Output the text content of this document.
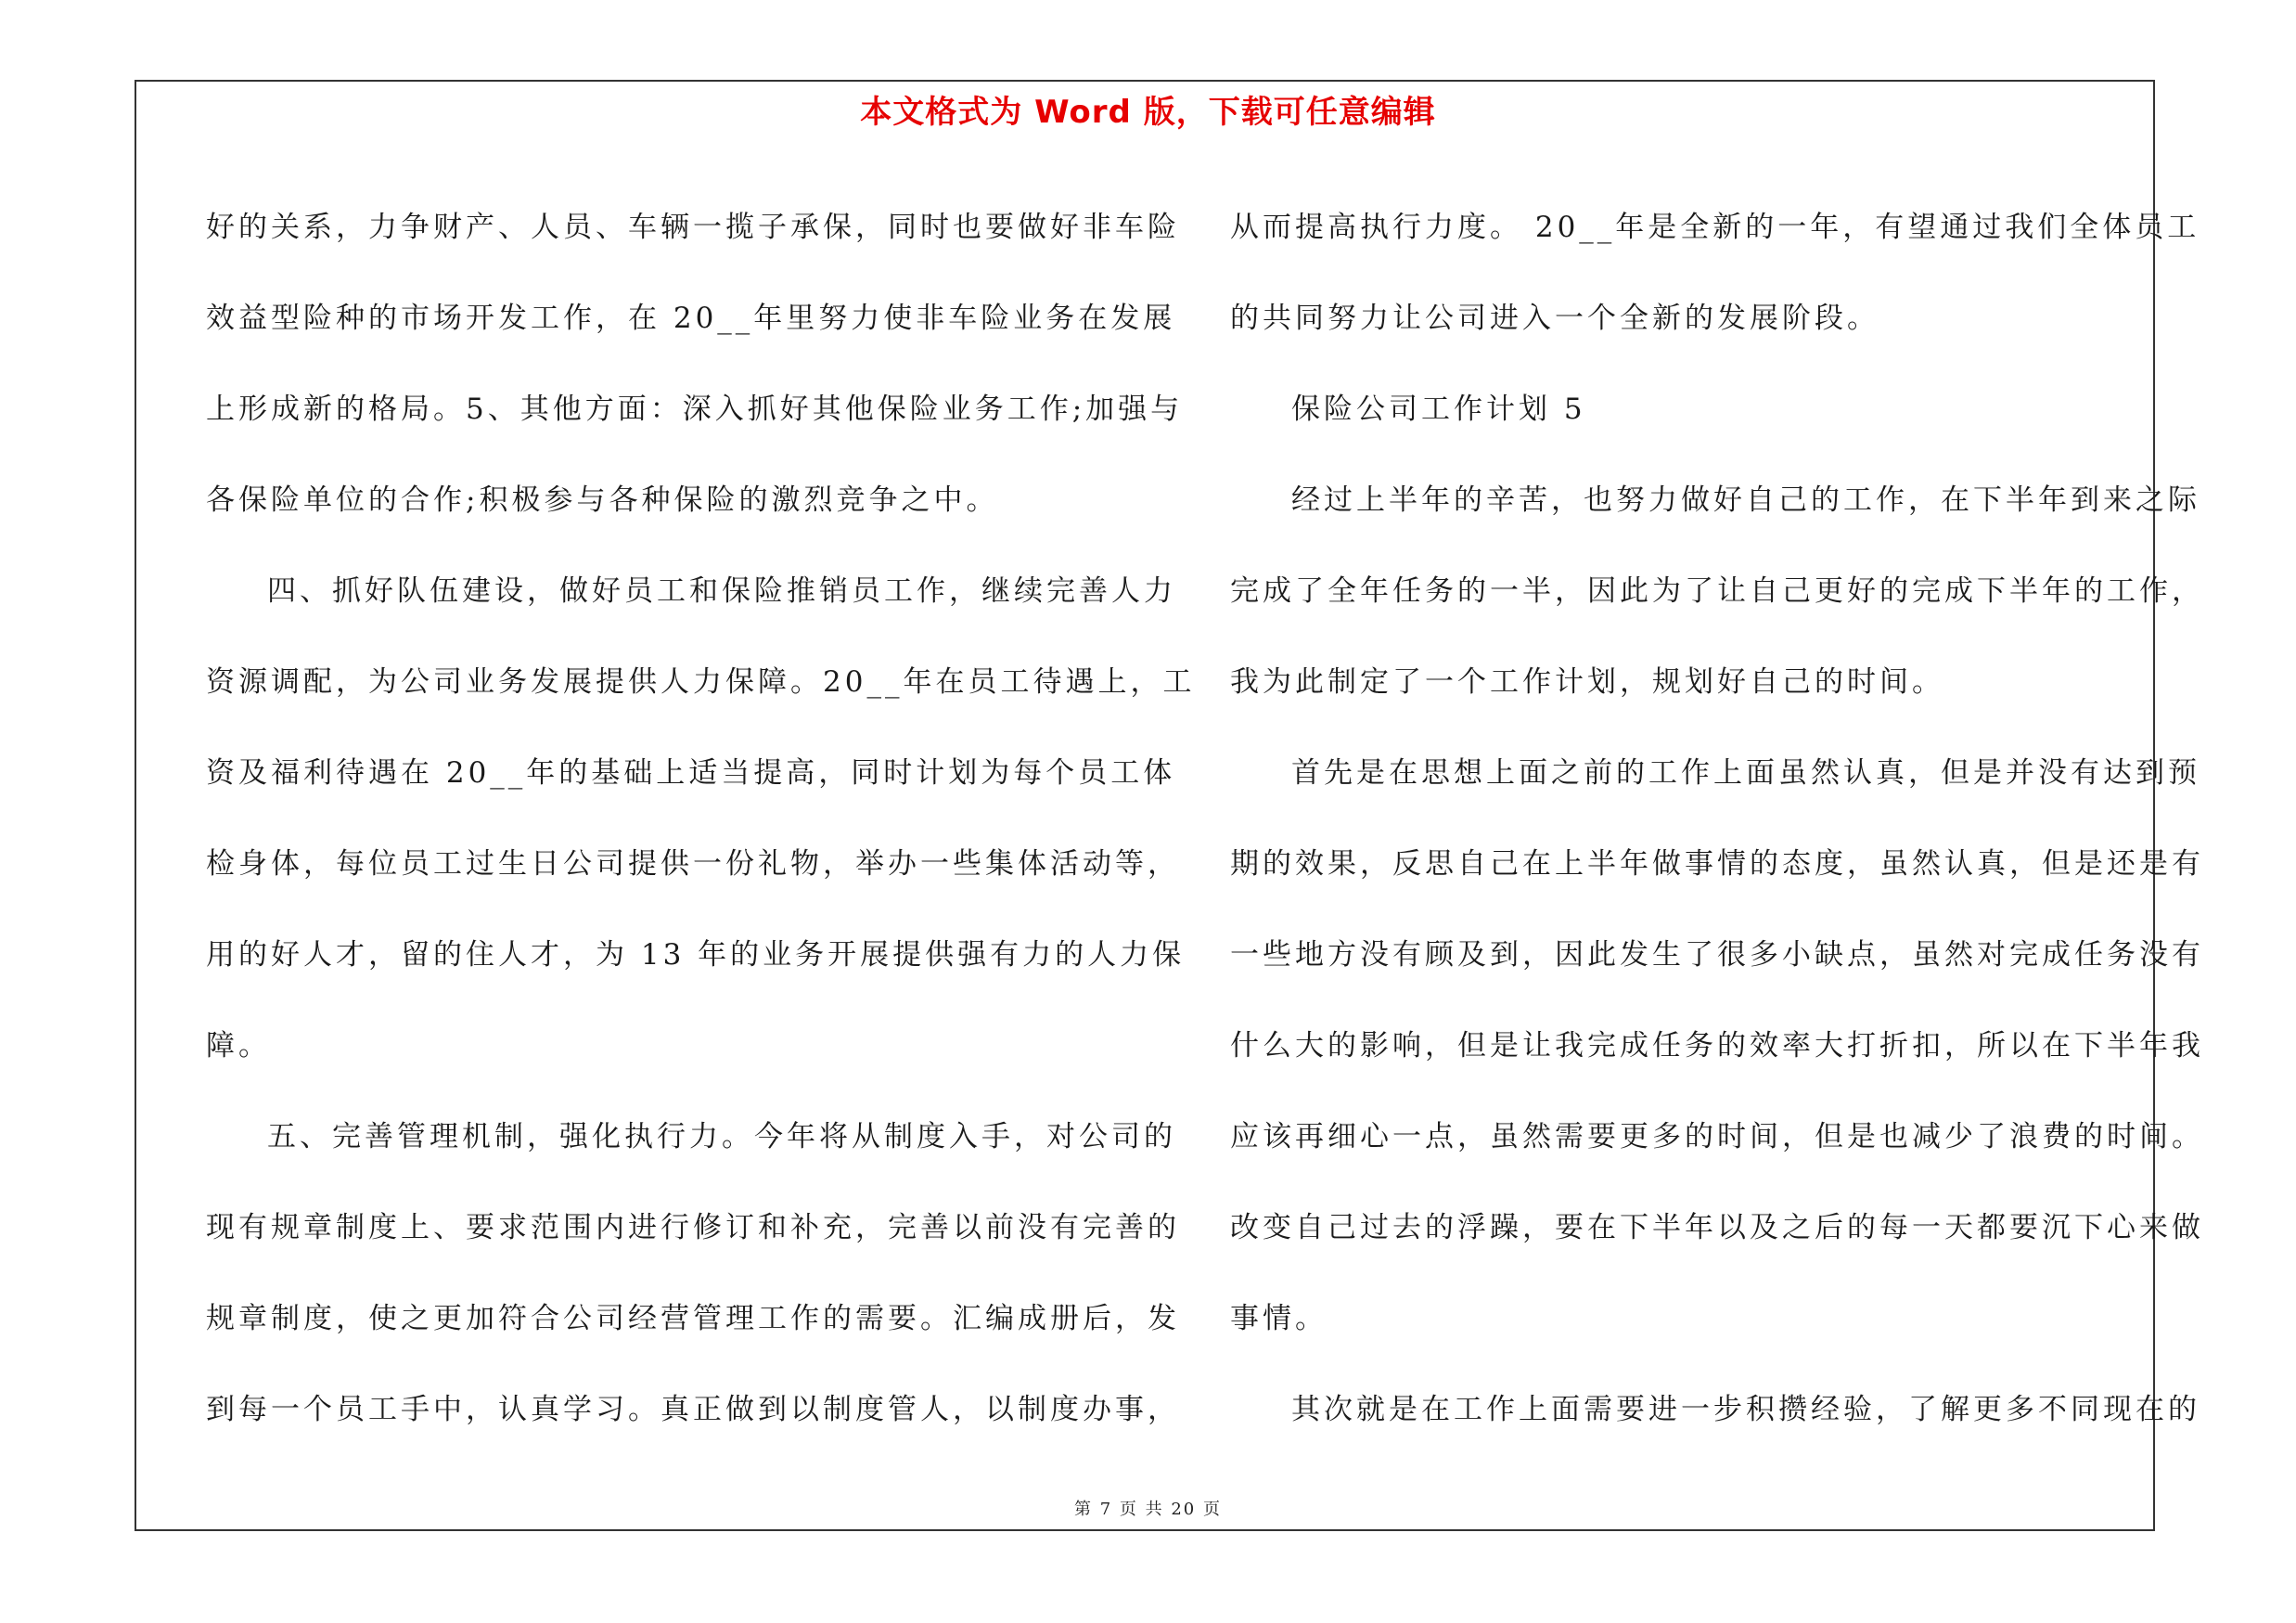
本文格式为 Word 版，下载可任意编辑
好的关系，力争财产、人员、车辆一揽子承保，同时也要做好非车险
效益型险种的市场开发工作，在 20__年里努力使非车险业务在发展
上形成新的格局。5、其他方面：深入抓好其他保险业务工作;加强与
各保险单位的合作;积极参与各种保险的激烈竞争之中。
四、抓好队伍建设，做好员工和保险推销员工作，继续完善人力
资源调配，为公司业务发展提供人力保障。20__年在员工待遇上，工
资及福利待遇在 20__年的基础上适当提高，同时计划为每个员工体
检身体，每位员工过生日公司提供一份礼物，举办一些集体活动等，
用的好人才，留的住人才，为 13 年的业务开展提供强有力的人力保
障。
五、完善管理机制，强化执行力。今年将从制度入手，对公司的
现有规章制度上、要求范围内进行修订和补充，完善以前没有完善的
规章制度，使之更加符合公司经营管理工作的需要。汇编成册后，发
到每一个员工手中，认真学习。真正做到以制度管人，以制度办事，
从而提高执行力度。 20__年是全新的一年，有望通过我们全体员工
的共同努力让公司进入一个全新的发展阶段。
保险公司工作计划 5
经过上半年的辛苦，也努力做好自己的工作，在下半年到来之际
完成了全年任务的一半，因此为了让自己更好的完成下半年的工作，
我为此制定了一个工作计划，规划好自己的时间。
首先是在思想上面之前的工作上面虽然认真，但是并没有达到预
期的效果，反思自己在上半年做事情的态度，虽然认真，但是还是有
一些地方没有顾及到，因此发生了很多小缺点，虽然对完成任务没有
什么大的影响，但是让我完成任务的效率大打折扣，所以在下半年我
应该再细心一点，虽然需要更多的时间，但是也减少了浪费的时间。
改变自己过去的浮躁，要在下半年以及之后的每一天都要沉下心来做
事情。
其次就是在工作上面需要进一步积攒经验，了解更多不同现在的
第 7 页 共 20 页
